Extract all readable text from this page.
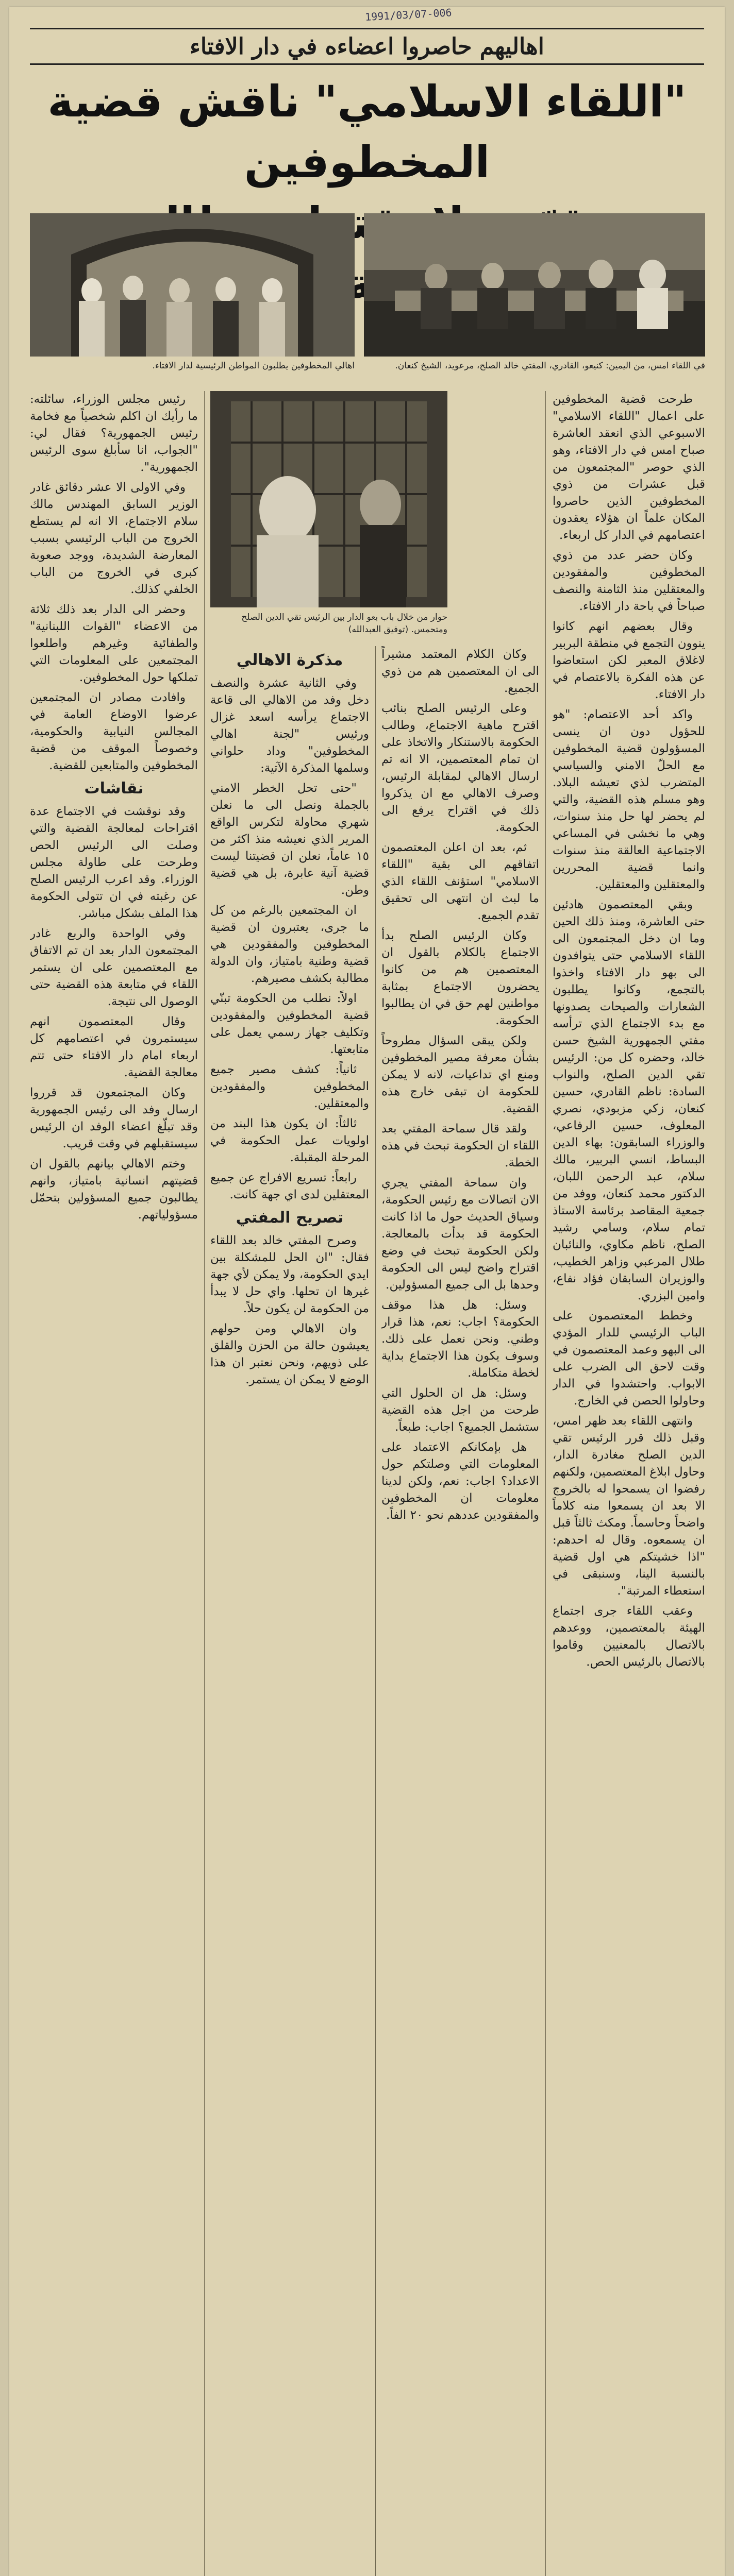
1991/03/07-006
اهاليهم حاصروا اعضاءه في دار الافتاء
"اللقاء الاسلامي" ناقش قضية المخطوفين
في اللقاء امس، من اليمين: كنيعو، القادري، المفتي خالد الصلح، مرعويد، الشيخ كنعان.
اهالي المخطوفين يطلبون المواطن الرئيسية لدار الافتاء.
حوار من خلال باب بعو الدار بين الرئيس تقي الدين الصلح ومتحمس. (توفيق العبدالله)

طرحت قضية المخطوفين على اعمال "اللقاء الاسلامي" الاسبوعي الذي انعقد العاشرة صباح امس في دار الافتاء، وهو الذي حوصر "المجتمعون من قبل عشرات من ذوي المخطوفين الذين حاصروا المكان علماً ان هؤلاء يعقدون اعتصامهم في الدار كل اربعاء.

وكان حضر عدد من ذوي المخطوفين والمفقودين والمعتقلين منذ الثامنة والنصف صباحاً في باحة دار الافتاء.

وقال بعضهم انهم كانوا ينوون التجمع في منطقة البربير لاغلاق المعبر لكن استعاضوا عن هذه الفكرة بالاعتصام في دار الافتاء.

واكد أحد الاعتصام: "هو للحؤول دون ان ينسى المسؤولون قضية المخطوفين مع الحلّ الامني والسياسي المتضرب لذي تعيشه البلاد. وهو مسلم هذه القضية، والتي لم يحضر لها حل منذ سنوات، وهي ما نخشى في المساعي الاجتماعية العالقة منذ سنوات وانما قضية المحررين والمعتقلين والمعتقلين.

وبقي المعتصمون هادئين حتى العاشرة، ومنذ ذلك الحين وما ان دخل المجتمعون الى اللقاء الاسلامي حتى يتوافدون الى بهو دار الافتاء واخذوا بالتجمع، وكانوا يطلبون الشعارات والصيحات يصدونها مع بدء الاجتماع الذي ترأسه مفتي الجمهورية الشيخ حسن خالد، وحضره كل من: الرئيس تقي الدين الصلح، والنواب السادة: ناظم القادري، حسين كنعان، زكي مزبودي، نصري المعلوف، حسين الرفاعي، والوزراء السابقون: بهاء الدين البساط، انسي البربير، مالك سلام، عبد الرحمن اللبان، الدكتور محمد كنعان، ووفد من جمعية المقاصد برئاسة الاستاذ تمام سلام، وسامي رشيد الصلح، ناظم مكاوي، والنائبان طلال المرعبي وزاهر الخطيب، والوزيران السابقان فؤاد نفاع، وامين البزري.

وخطط المعتصمون على الباب الرئيسي للدار المؤدي الى البهو وعمد المعتصمون في وقت لاحق الى الضرب على الابواب. واحتشدوا في الدار وحاولوا الحصن في الخارج.

وانتهى اللقاء بعد ظهر امس، وقبل ذلك قرر الرئيس تقي الدين الصلح مغادرة الدار، وحاول ابلاغ المعتصمين، ولكنهم رفضوا ان يسمحوا له بالخروج الا بعد ان يسمعوا منه كلاماً واضحاً وحاسماً. ومكث ثالثاً قبل ان يسمعوه. وقال له احدهم: "اذا خشيتكم هي اول قضية بالنسبة الينا، وسنبقى في استعطاء المرتبة".

وعقب اللقاء جرى اجتماع الهيئة بالمعتصمين، ووعدهم بالاتصال بالمعنيين وقاموا بالاتصال بالرئيس الحص.

وكان الكلام المعتمد مشيراً الى ان المعتصمين هم من ذوي الجميع.

وعلى الرئيس الصلح بنائب اقترح ماهية الاجتماع، وطالب الحكومة بالاستنكار والاتخاذ على ان تمام المعتصمين، الا انه تم ارسال الاهالي لمقابلة الرئيس، وصرف الاهالي مع ان يذكروا ذلك في اقتراح يرفع الى الحكومة.

ثم، بعد ان اعلن المعتصمون اتفاقهم الى بقية "اللقاء الاسلامي" استؤنف اللقاء الذي ما لبث ان انتهى الى تحقيق تقدم الجميع.

وكان الرئيس الصلح بدأ الاجتماع بالكلام بالقول ان المعتصمين هم من كانوا يحضرون الاجتماع بمثابة مواطنين لهم حق في ان يطالبوا الحكومة.

ولكن يبقى السؤال مطروحاً بشأن معرفة مصير المخطوفين ومنع اي تداعيات، لانه لا يمكن للحكومة ان تبقى خارج هذه القضية.

ولقد قال سماحة المفتي بعد اللقاء ان الحكومة تبحث في هذه الخطة.

وان سماحة المفتي يجري الان اتصالات مع رئيس الحكومة، وسياق الحديث حول ما اذا كانت الحكومة قد بدأت بالمعالجة. ولكن الحكومة تبحث في وضع اقتراح واضح ليس الى الحكومة وحدها بل الى جميع المسؤولين.

وسئل: هل هذا موقف الحكومة؟ اجاب: نعم، هذا قرار وطني. ونحن نعمل على ذلك. وسوف يكون هذا الاجتماع بداية لخطة متكاملة.

وسئل: هل ان الحلول التي طرحت من اجل هذه القضية ستشمل الجميع؟ اجاب: طبعاً.

هل بإمكانكم الاعتماد على المعلومات التي وصلتكم حول الاعداد؟ اجاب: نعم، ولكن لدينا معلومات ان المخطوفين والمفقودين عددهم نحو ٢٠ الفاً.

مذكرة الاهالي

وفي الثانية عشرة والنصف دخل وفد من الاهالي الى قاعة الاجتماع يرأسه اسعد غزال ورئيس "لجنة اهالي المخطوفين" وداد حلواني وسلمها المذكرة الآتية:

"حتى تحل الخطر الامني بالجملة ونصل الى ما نعلن شهري محاولة لتكرس الواقع المرير الذي نعيشه منذ اكثر من ١٥ عاماً، نعلن ان قضيتنا ليست قضية آنية عابرة، بل هي قضية وطن.

ان المجتمعين بالرغم من كل ما جرى، يعتبرون ان قضية المخطوفين والمفقودين هي قضية وطنية بامتياز، وان الدولة مطالبة بكشف مصيرهم.

اولاً: نطلب من الحكومة تبنّي قضية المخطوفين والمفقودين وتكليف جهاز رسمي يعمل على متابعتها.

ثانياً: كشف مصير جميع المخطوفين والمفقودين والمعتقلين.

ثالثاً: ان يكون هذا البند من اولويات عمل الحكومة في المرحلة المقبلة.

رابعاً: تسريع الافراج عن جميع المعتقلين لدى اي جهة كانت.

تصريح المفتي

وصرح المفتي خالد بعد اللقاء فقال: "ان الحل للمشكلة بين ايدي الحكومة، ولا يمكن لأي جهة غيرها ان تحلها. واي حل لا يبدأ من الحكومة لن يكون حلاً.

وان الاهالي ومن حولهم يعيشون حالة من الحزن والقلق على ذويهم، ونحن نعتبر ان هذا الوضع لا يمكن ان يستمر.

رئيس مجلس الوزراء، سائلته: ما رأيك ان اكلم شخصياً مع فخامة رئيس الجمهورية؟ فقال لي: "الجواب، انا سأبلغ سوى الرئيس الجمهورية".

وفي الاولى الا عشر دقائق غادر الوزير السابق المهندس مالك سلام الاجتماع، الا انه لم يستطع الخروج من الباب الرئيسي بسبب المعارضة الشديدة، ووجد صعوبة كبرى في الخروج من الباب الخلفي كذلك.

وحضر الى الدار بعد ذلك ثلاثة من الاعضاء "القوات اللبنانية" والطفائية وغيرهم واطلعوا المجتمعين على المعلومات التي تملكها حول المخطوفين.

وافادت مصادر ان المجتمعين عرضوا الاوضاع العامة في المجالس النيابية والحكومية، وخصوصاً الموقف من قضية المخطوفين والمتابعين للقضية.

نقاشات

وقد نوقشت في الاجتماع عدة اقتراحات لمعالجة القضية والتي وصلت الى الرئيس الحص وطرحت على طاولة مجلس الوزراء. وقد اعرب الرئيس الصلح عن رغبته في ان تتولى الحكومة هذا الملف بشكل مباشر.

وفي الواحدة والربع غادر المجتمعون الدار بعد ان تم الاتفاق مع المعتصمين على ان يستمر اللقاء في متابعة هذه القضية حتى الوصول الى نتيجة.

وقال المعتصمون انهم سيستمرون في اعتصامهم كل اربعاء امام دار الافتاء حتى تتم معالجة القضية.

وكان المجتمعون قد قرروا ارسال وفد الى رئيس الجمهورية وقد تبلّغ اعضاء الوفد ان الرئيس سيستقبلهم في وقت قريب.

وختم الاهالي بيانهم بالقول ان قضيتهم انسانية بامتياز، وانهم يطالبون جميع المسؤولين بتحمّل مسؤولياتهم.
